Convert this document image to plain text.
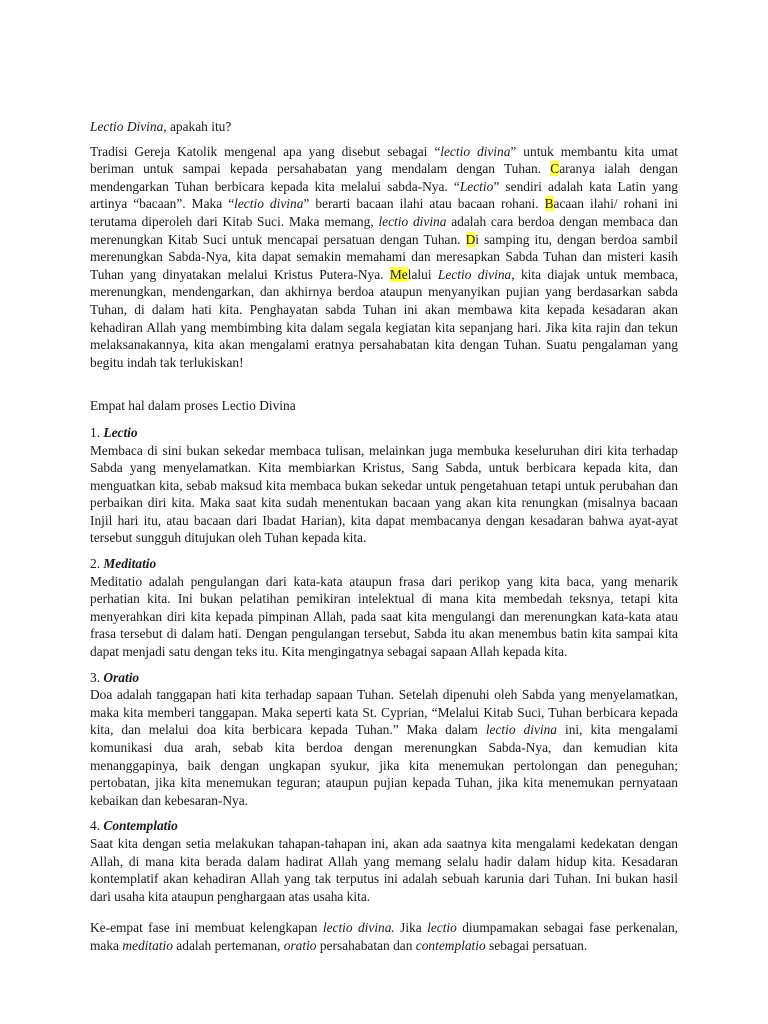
Lectio Divina, apakah itu?

Tradisi Gereja Katolik mengenal apa yang disebut sebagai “lectio divina” untuk membantu kita umat beriman untuk sampai kepada persahabatan yang mendalam dengan Tuhan. Caranya ialah dengan mendengarkan Tuhan berbicara kepada kita melalui sabda-Nya. “Lectio” sendiri adalah kata Latin yang artinya “bacaan”. Maka “lectio divina” berarti bacaan ilahi atau bacaan rohani. Bacaan ilahi/ rohani ini terutama diperoleh dari Kitab Suci. Maka memang, lectio divina adalah cara berdoa dengan membaca dan merenungkan Kitab Suci untuk mencapai persatuan dengan Tuhan. Di samping itu, dengan berdoa sambil merenungkan Sabda-Nya, kita dapat semakin memahami dan meresapkan Sabda Tuhan dan misteri kasih Tuhan yang dinyatakan melalui Kristus Putera-Nya. Melalui Lectio divina, kita diajak untuk membaca, merenungkan, mendengarkan, dan akhirnya berdoa ataupun menyanyikan pujian yang berdasarkan sabda Tuhan, di dalam hati kita. Penghayatan sabda Tuhan ini akan membawa kita kepada kesadaran akan kehadiran Allah yang membimbing kita dalam segala kegiatan kita sepanjang hari. Jika kita rajin dan tekun melaksanakannya, kita akan mengalami eratnya persahabatan kita dengan Tuhan. Suatu pengalaman yang begitu indah tak terlukiskan!

Empat hal dalam proses Lectio Divina

1. Lectio

Membaca di sini bukan sekedar membaca tulisan, melainkan juga membuka keseluruhan diri kita terhadap Sabda yang menyelamatkan. Kita membiarkan Kristus, Sang Sabda, untuk berbicara kepada kita, dan menguatkan kita, sebab maksud kita membaca bukan sekedar untuk pengetahuan tetapi untuk perubahan dan perbaikan diri kita. Maka saat kita sudah menentukan bacaan yang akan kita renungkan (misalnya bacaan Injil hari itu, atau bacaan dari Ibadat Harian), kita dapat membacanya dengan kesadaran bahwa ayat-ayat tersebut sungguh ditujukan oleh Tuhan kepada kita.

2. Meditatio

Meditatio adalah pengulangan dari kata-kata ataupun frasa dari perikop yang kita baca, yang menarik perhatian kita. Ini bukan pelatihan pemikiran intelektual di mana kita membedah teksnya, tetapi kita menyerahkan diri kita kepada pimpinan Allah, pada saat kita mengulangi dan merenungkan kata-kata atau frasa tersebut di dalam hati. Dengan pengulangan tersebut, Sabda itu akan menembus batin kita sampai kita dapat menjadi satu dengan teks itu. Kita mengingatnya sebagai sapaan Allah kepada kita.

3. Oratio

Doa adalah tanggapan hati kita terhadap sapaan Tuhan. Setelah dipenuhi oleh Sabda yang menyelamatkan, maka kita memberi tanggapan. Maka seperti kata St. Cyprian, “Melalui Kitab Suci, Tuhan berbicara kepada kita, dan melalui doa kita berbicara kepada Tuhan.” Maka dalam lectio divina ini, kita mengalami komunikasi dua arah, sebab kita berdoa dengan merenungkan Sabda-Nya, dan kemudian kita menanggapinya, baik dengan ungkapan syukur, jika kita menemukan pertolongan dan peneguhan; pertobatan, jika kita menemukan teguran; ataupun pujian kepada Tuhan, jika kita menemukan pernyataan kebaikan dan kebesaran-Nya.

4. Contemplatio

Saat kita dengan setia melakukan tahapan-tahapan ini, akan ada saatnya kita mengalami kedekatan dengan Allah, di mana kita berada dalam hadirat Allah yang memang selalu hadir dalam hidup kita. Kesadaran kontemplatif akan kehadiran Allah yang tak terputus ini adalah sebuah karunia dari Tuhan. Ini bukan hasil dari usaha kita ataupun penghargaan atas usaha kita.

Ke-empat fase ini membuat kelengkapan lectio divina. Jika lectio diumpamakan sebagai fase perkenalan, maka meditatio adalah pertemanan, oratio persahabatan dan contemplatio sebagai persatuan.
